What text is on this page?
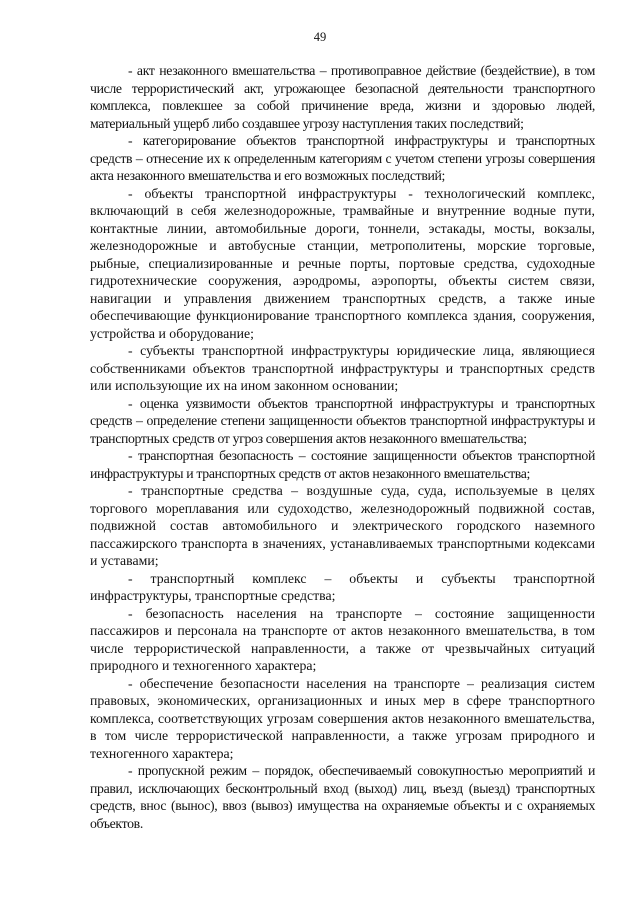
49

- акт незаконного вмешательства – противоправное действие (бездействие), в том числе террористический акт, угрожающее безопасной деятельности транспортного комплекса, повлекшее за собой причинение вреда, жизни и здоровью людей, материальный ущерб либо создавшее угрозу наступления таких последствий;

- категорирование объектов транспортной инфраструктуры и транспортных средств – отнесение их к определенным категориям с учетом степени угрозы совершения акта незаконного вмешательства и его возможных последствий;

- объекты транспортной инфраструктуры - технологический комплекс, включающий в себя железнодорожные, трамвайные и внутренние водные пути, контактные линии, автомобильные дороги, тоннели, эстакады, мосты, вокзалы, железнодорожные и автобусные станции, метрополитены, морские торговые, рыбные, специализированные и речные порты, портовые средства, судоходные гидротехнические сооружения, аэродромы, аэропорты, объекты систем связи, навигации и управления движением транспортных средств, а также иные обеспечивающие функционирование транспортного комплекса здания, сооружения, устройства и оборудование;

- субъекты транспортной инфраструктуры юридические лица, являющиеся собственниками объектов транспортной инфраструктуры и транспортных средств или использующие их на ином законном основании;

- оценка уязвимости объектов транспортной инфраструктуры и транспортных средств – определение степени защищенности объектов транспортной инфраструктуры и транспортных средств от угроз совершения актов незаконного вмешательства;

- транспортная безопасность – состояние защищенности объектов транспортной инфраструктуры и транспортных средств от актов незаконного вмешательства;

- транспортные средства – воздушные суда, суда, используемые в целях торгового мореплавания или судоходство, железнодорожный подвижной состав, подвижной состав автомобильного и электрического городского наземного пассажирского транспорта в значениях, устанавливаемых транспортными кодексами и уставами;

- транспортный комплекс – объекты и субъекты транспортной инфраструктуры, транспортные средства;

- безопасность населения на транспорте – состояние защищенности пассажиров и персонала на транспорте от актов незаконного вмешательства, в том числе террористической направленности, а также от чрезвычайных ситуаций природного и техногенного характера;

- обеспечение безопасности населения на транспорте – реализация систем правовых, экономических, организационных и иных мер в сфере транспортного комплекса, соответствующих угрозам совершения актов незаконного вмешательства, в том числе террористической направленности, а также угрозам природного и техногенного характера;

- пропускной режим – порядок, обеспечиваемый совокупностью мероприятий и правил, исключающих бесконтрольный вход (выход) лиц, въезд (выезд) транспортных средств, внос (вынос), ввоз (вывоз) имущества на охраняемые объекты и с охраняемых объектов.
